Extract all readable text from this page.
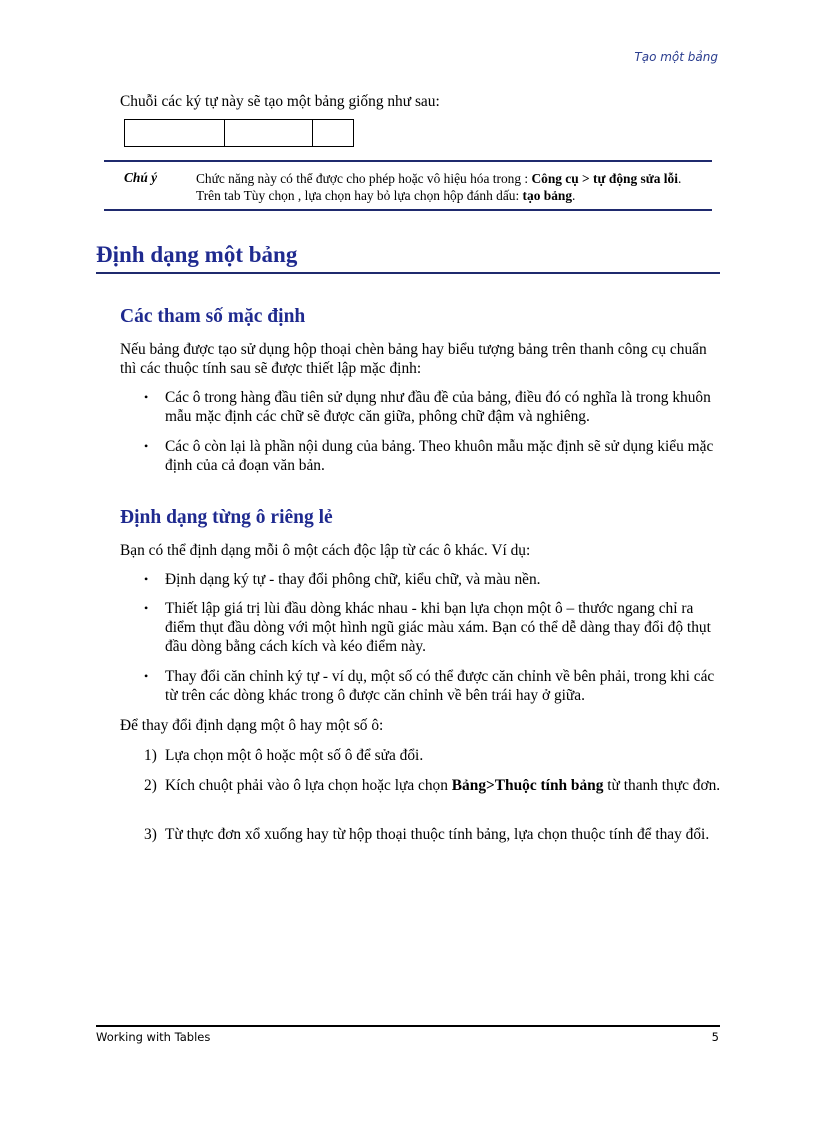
Tạo một bảng
Chuỗi các ký tự này sẽ tạo một bảng giống như sau:
Chú ý	Chức năng này có thể được cho phép hoặc vô hiệu hóa trong : Công cụ > tự động sửa lỗi. Trên tab Tùy chọn , lựa chọn hay bỏ lựa chọn hộp đánh dấu: tạo bảng.
Định dạng một bảng
Các tham số mặc định
Nếu bảng được tạo sử dụng hộp thoại chèn bảng hay biểu tượng bảng trên thanh công cụ chuẩn thì các thuộc tính sau sẽ được thiết lập mặc định:
• Các ô trong hàng đầu tiên sử dụng như đầu đề của bảng, điều đó có nghĩa là trong khuôn mẫu mặc định các chữ sẽ được căn giữa, phông chữ đậm và nghiêng.
• Các ô còn lại là phần nội dung của bảng. Theo khuôn mẫu mặc định sẽ sử dụng kiểu mặc định của cả đoạn văn bản.
Định dạng từng ô riêng lẻ
Bạn có thể định dạng mỗi ô một cách độc lập từ các ô khác. Ví dụ:
• Định dạng ký tự - thay đổi phông chữ, kiểu chữ, và màu nền.
• Thiết lập giá trị lùi đầu dòng khác nhau - khi bạn lựa chọn một ô – thước ngang chỉ ra điểm thụt đầu dòng với một hình ngũ giác màu xám. Bạn có thể dễ dàng thay đổi độ thụt đầu dòng bằng cách kích và kéo điểm này.
• Thay đổi căn chỉnh ký tự - ví dụ, một số có thể được căn chỉnh về bên phải, trong khi các từ trên các dòng khác trong ô được căn chỉnh về bên trái hay ở giữa.
Để thay đổi định dạng một ô hay một số ô:
1) Lựa chọn một ô hoặc một số ô để sửa đổi.
2) Kích chuột phải vào ô lựa chọn hoặc lựa chọn Bảng>Thuộc tính bảng từ thanh thực đơn.
3) Từ thực đơn xổ xuống hay từ hộp thoại thuộc tính bảng, lựa chọn thuộc tính để thay đổi.
Working with Tables	5
